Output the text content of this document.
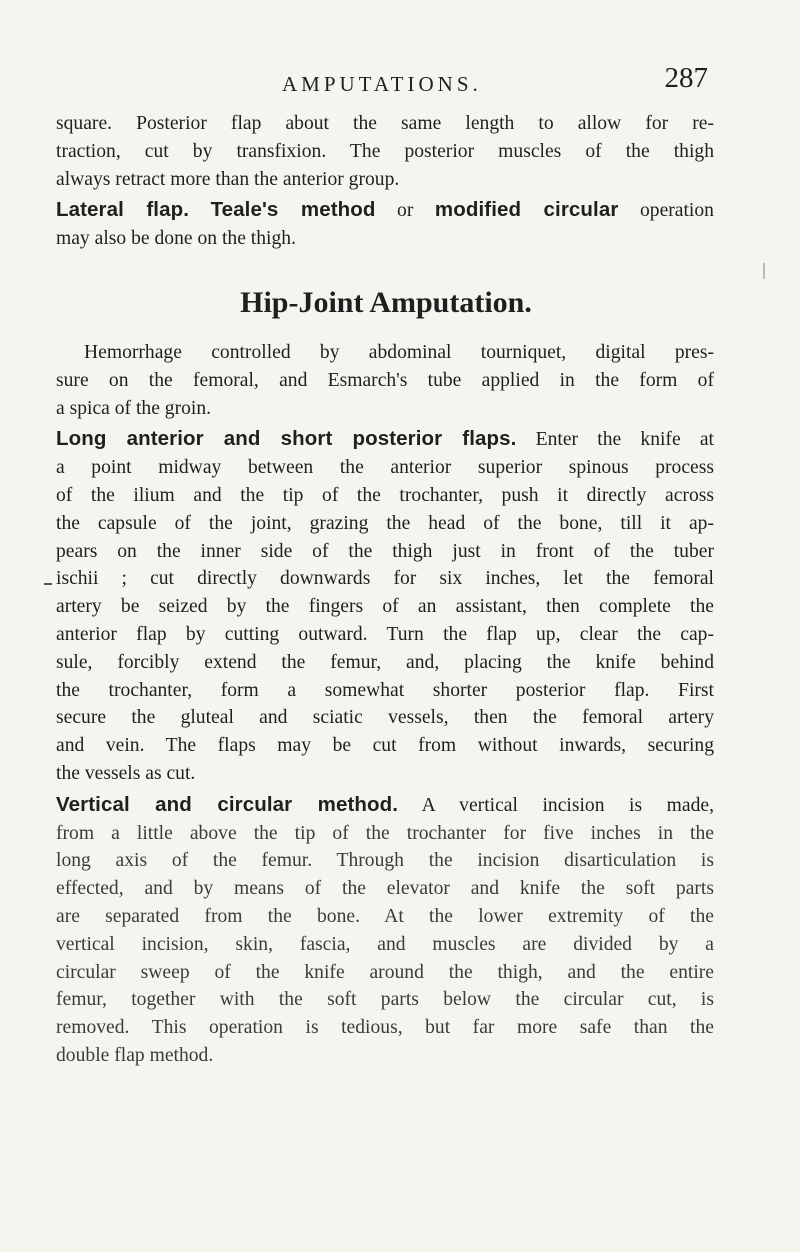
AMPUTATIONS.	287
square. Posterior flap about the same length to allow for re-
traction, cut by transfixion. The posterior muscles of the thigh
always retract more than the anterior group.
Lateral flap. Teale's method or modified circular operation
may also be done on the thigh.
Hip-Joint Amputation.
Hemorrhage controlled by abdominal tourniquet, digital pres-
sure on the femoral, and Esmarch's tube applied in the form of
a spica of the groin.
Long anterior and short posterior flaps. Enter the knife at
a point midway between the anterior superior spinous process
of the ilium and the tip of the trochanter, push it directly across
the capsule of the joint, grazing the head of the bone, till it ap-
pears on the inner side of the thigh just in front of the tuber
ischii ; cut directly downwards for six inches, let the femoral
artery be seized by the fingers of an assistant, then complete the
anterior flap by cutting outward. Turn the flap up, clear the cap-
sule, forcibly extend the femur, and, placing the knife behind
the trochanter, form a somewhat shorter posterior flap. First
secure the gluteal and sciatic vessels, then the femoral artery
and vein. The flaps may be cut from without inwards, securing
the vessels as cut.
Vertical and circular method. A vertical incision is made,
from a little above the tip of the trochanter for five inches in the
long axis of the femur. Through the incision disarticulation is
effected, and by means of the elevator and knife the soft parts
are separated from the bone. At the lower extremity of the
vertical incision, skin, fascia, and muscles are divided by a
circular sweep of the knife around the thigh, and the entire
femur, together with the soft parts below the circular cut, is
removed. This operation is tedious, but far more safe than the
double flap method.
